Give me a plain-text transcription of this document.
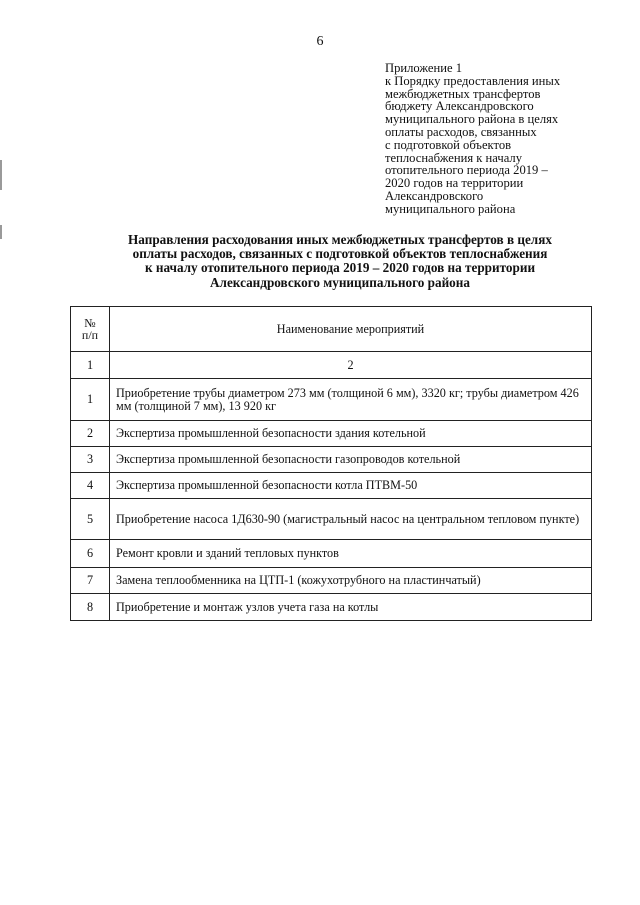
6
Приложение 1
к Порядку предоставления иных
межбюджетных трансфертов
бюджету Александровского
муниципального района в целях
оплаты расходов, связанных
с подготовкой объектов
теплоснабжения к началу
отопительного периода 2019 –
2020 годов на территории
Александровского
муниципального района
Направления расходования иных межбюджетных трансфертов в целях
оплаты расходов, связанных с подготовкой объектов теплоснабжения
к началу отопительного периода 2019 – 2020 годов на территории
Александровского муниципального района
№
п/п	Наименование мероприятий
1	2
1	Приобретение трубы диаметром 273 мм (толщиной 6 мм), 3320 кг; трубы диаметром 426 мм (толщиной 7 мм), 13 920 кг
2	Экспертиза промышленной безопасности здания котельной
3	Экспертиза промышленной безопасности газопроводов котельной
4	Экспертиза промышленной безопасности котла ПТВМ-50
5	Приобретение насоса 1Д630-90 (магистральный насос на центральном тепловом пункте)
6	Ремонт кровли и зданий тепловых пунктов
7	Замена теплообменника на ЦТП-1 (кожухотрубного на пластинчатый)
8	Приобретение и монтаж узлов учета газа на котлы
